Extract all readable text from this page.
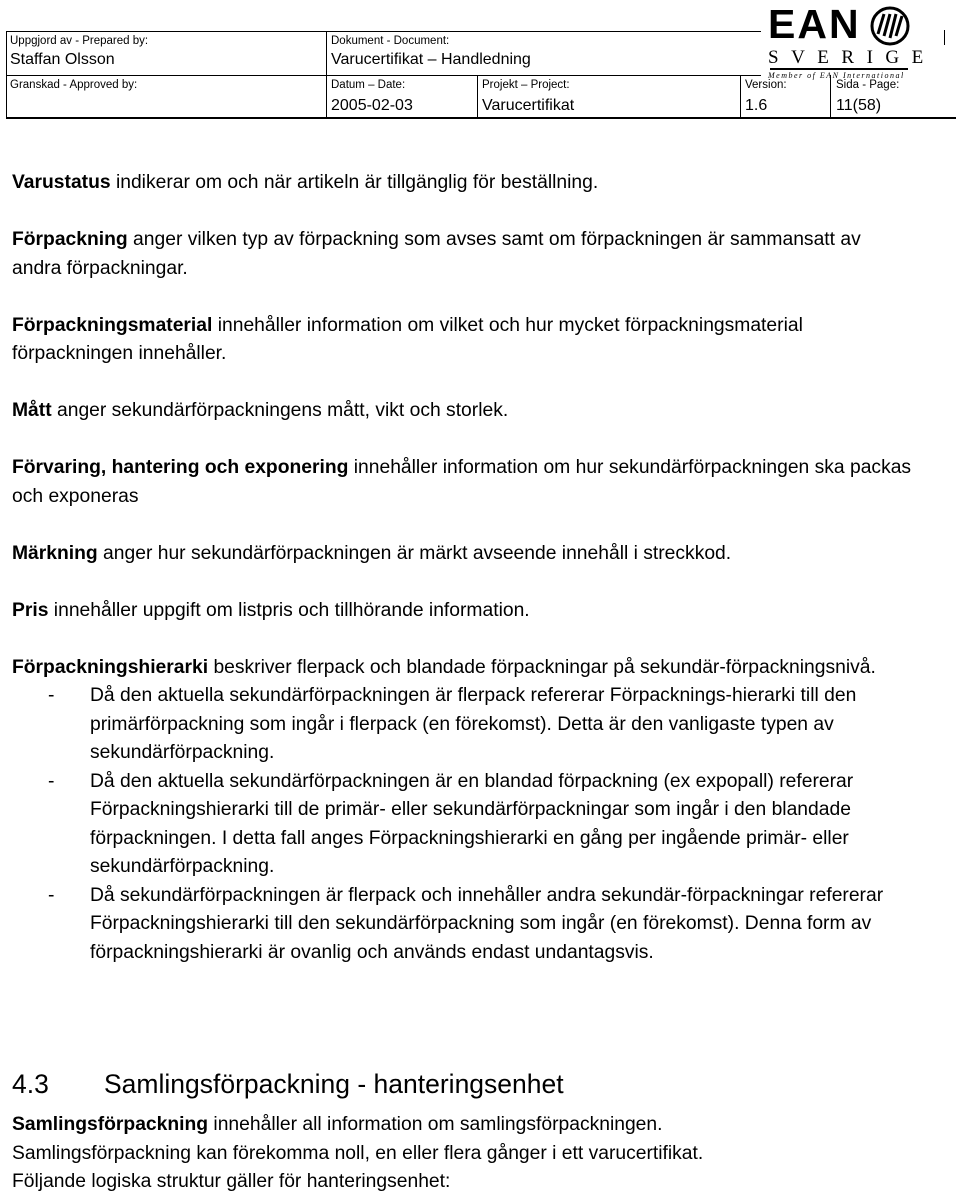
Uppgjord av - Prepared by:
Staffan Olsson
Dokument - Document:
Varucertifikat – Handledning
Granskad - Approved by:	Datum – Date:
2005-02-03
Projekt – Project:
Varucertifikat
Version:
1.6
Sida - Page:
11(58)
EAN
SVERIGE
Member of EAN International

Varustatus indikerar om och när artikeln är tillgänglig för beställning.

Förpackning anger vilken typ av förpackning som avses samt om förpackningen är sammansatt av andra förpackningar.

Förpackningsmaterial innehåller information om vilket och hur mycket förpackningsmaterial förpackningen innehåller.

Mått anger sekundärförpackningens mått, vikt och storlek.

Förvaring, hantering och exponering innehåller information om hur sekundärförpackningen ska packas och exponeras

Märkning anger hur sekundärförpackningen är märkt avseende innehåll i streckkod.

Pris innehåller uppgift om listpris och tillhörande information.

Förpackningshierarki beskriver flerpack och blandade förpackningar på sekundär-förpackningsnivå.

- Då den aktuella sekundärförpackningen är flerpack refererar Förpacknings-hierarki till den primärförpackning som ingår i flerpack (en förekomst). Detta är den vanligaste typen av sekundärförpackning.

- Då den aktuella sekundärförpackningen är en blandad förpackning (ex expopall) refererar Förpackningshierarki till de primär- eller sekundärförpackningar som ingår i den blandade förpackningen. I detta fall anges Förpackningshierarki en gång per ingående primär- eller sekundärförpackning.

- Då sekundärförpackningen är flerpack och innehåller andra sekundär-förpackningar refererar Förpackningshierarki till den sekundärförpackning som ingår (en förekomst). Denna form av förpackningshierarki är ovanlig och används endast undantagsvis.

4.3 Samlingsförpackning - hanteringsenhet

Samlingsförpackning innehåller all information om samlingsförpackningen.

Samlingsförpackning kan förekomma noll, en eller flera gånger i ett varucertifikat.

Följande logiska struktur gäller för hanteringsenhet:
